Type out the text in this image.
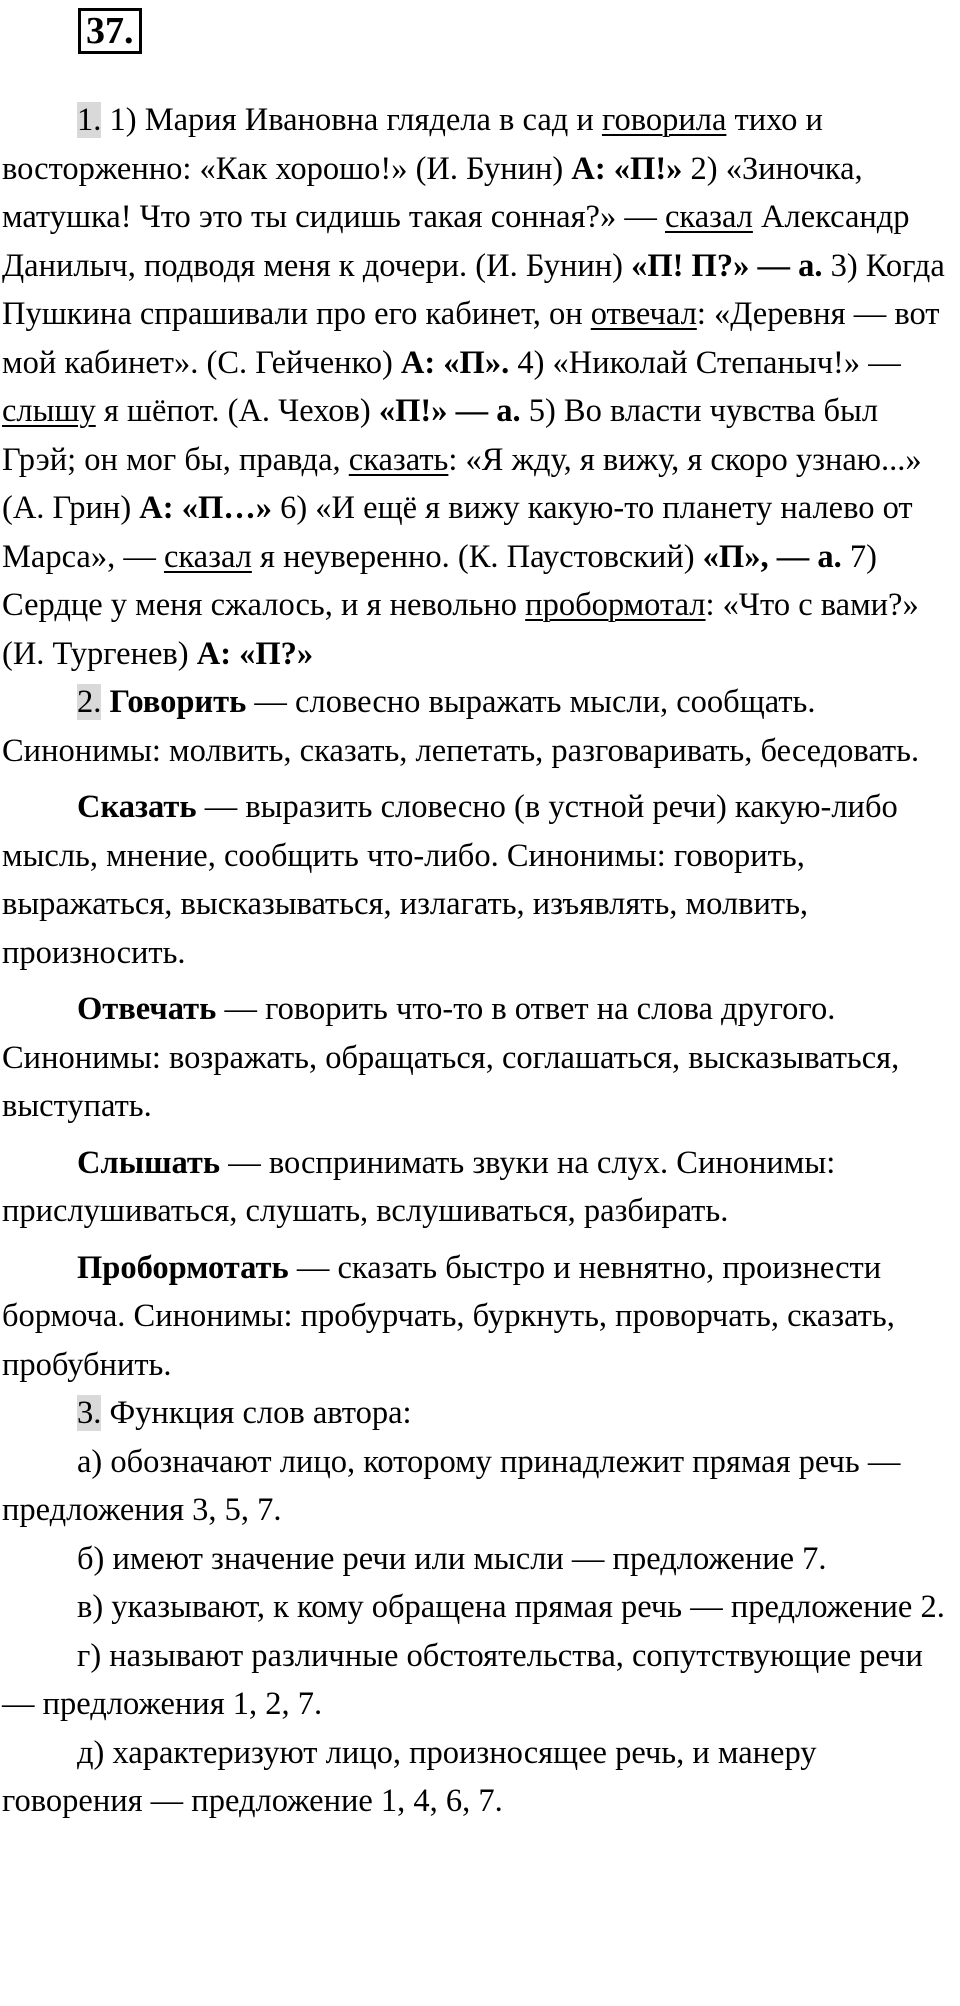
37.

1. 1) Мария Ивановна глядела в сад и говорила тихо и восторженно: «Как хорошо!» (И. Бунин) А: «П!» 2) «Зиночка, матушка! Что это ты сидишь такая сонная?» — сказал Александр Данилыч, подводя меня к дочери. (И. Бунин) «П! П?» — а. 3) Когда Пушкина спрашивали про его кабинет, он отвечал: «Деревня — вот мой кабинет». (С. Гейченко) А: «П». 4) «Николай Степаныч!» — слышу я шёпот. (А. Чехов) «П!» — а. 5) Во власти чувства был Грэй; он мог бы, правда, сказать: «Я жду, я вижу, я скоро узнаю...» (А. Грин) А: «П…» 6) «И ещё я вижу какую-то планету налево от Марса», — сказал я неуверенно. (К. Паустовский) «П», — а. 7) Сердце у меня сжалось, и я невольно пробормотал: «Что с вами?» (И. Тургенев) А: «П?»

2. Говорить — словесно выражать мысли, сообщать. Синонимы: молвить, сказать, лепетать, разговаривать, беседовать.

Сказать — выразить словесно (в устной речи) какую-либо мысль, мнение, сообщить что-либо. Синонимы: говорить, выражаться, высказываться, излагать, изъявлять, молвить, произносить.

Отвечать — говорить что-то в ответ на слова другого. Синонимы: возражать, обращаться, соглашаться, высказываться, выступать.

Слышать — воспринимать звуки на слух. Синонимы: прислушиваться, слушать, вслушиваться, разбирать.

Пробормотать — сказать быстро и невнятно, произнести бормоча. Синонимы: пробурчать, буркнуть, проворчать, сказать, пробубнить.

3. Функция слов автора:

а) обозначают лицо, которому принадлежит прямая речь — предложения 3, 5, 7.

б) имеют значение речи или мысли — предложение 7.

в) указывают, к кому обращена прямая речь — предложение 2.

г) называют различные обстоятельства, сопутствующие речи — предложения 1, 2, 7.

д) характеризуют лицо, произносящее речь, и манеру говорения — предложение 1, 4, 6, 7.
